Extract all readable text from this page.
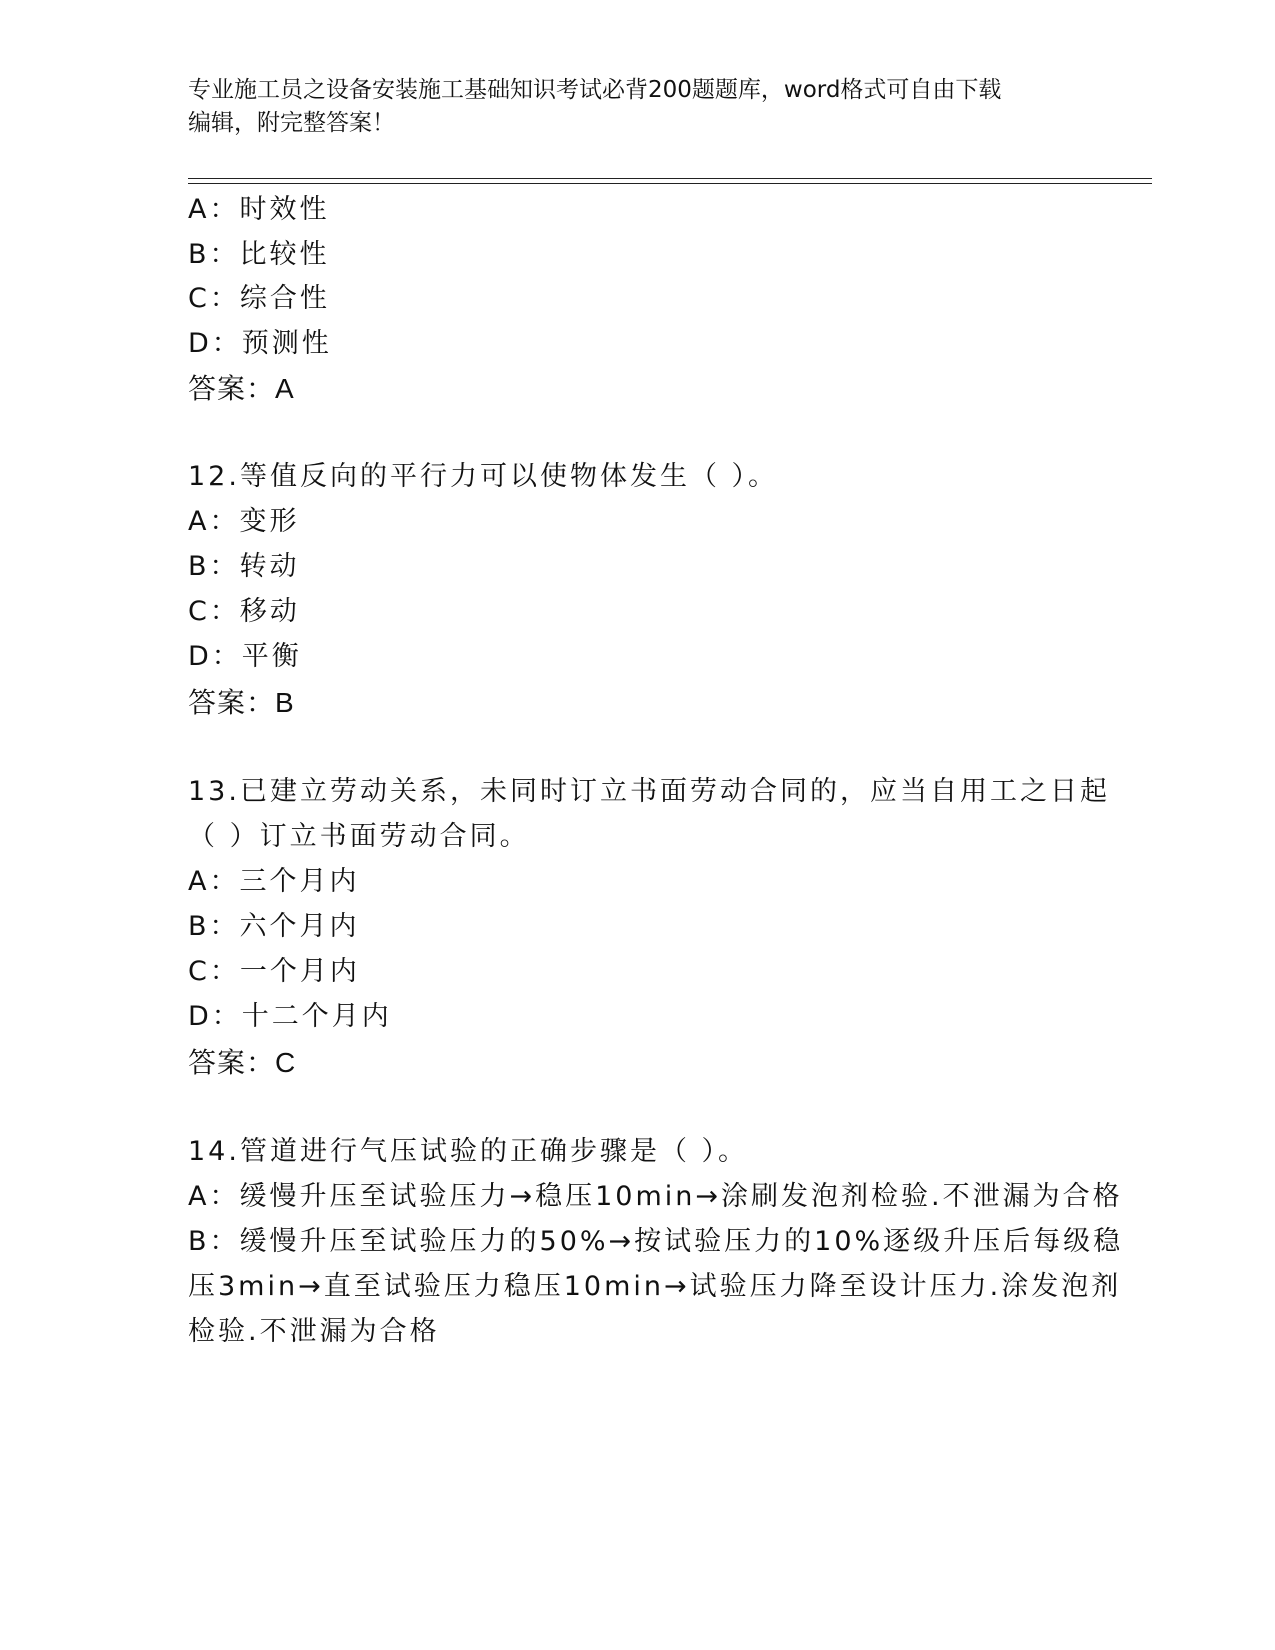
专业施工员之设备安装施工基础知识考试必背200题题库，word格式可自由下载
编辑，附完整答案！
A：时效性
B：比较性
C：综合性
D：预测性
答案：A
12.等值反向的平行力可以使物体发生（ ）。
A：变形
B：转动
C：移动
D：平衡
答案：B
13.已建立劳动关系，未同时订立书面劳动合同的，应当自用工之日起
（ ）订立书面劳动合同。
A：三个月内
B：六个月内
C：一个月内
D：十二个月内
答案：C
14.管道进行气压试验的正确步骤是（ ）。
A：缓慢升压至试验压力→稳压10min→涂刷发泡剂检验.不泄漏为合格
B：缓慢升压至试验压力的50%→按试验压力的10%逐级升压后每级稳
压3min→直至试验压力稳压10min→试验压力降至设计压力.涂发泡剂
检验.不泄漏为合格
